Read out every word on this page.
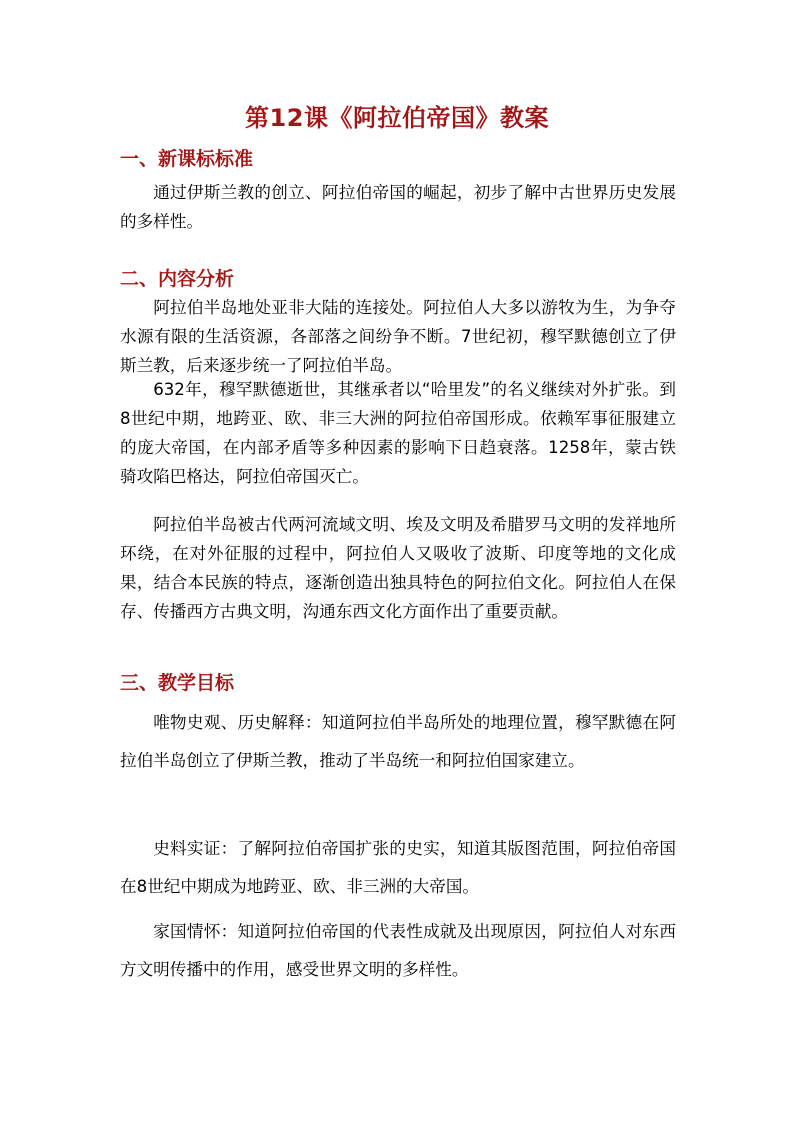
第12课《阿拉伯帝国》教案
一、新课标标准

通过伊斯兰教的创立、阿拉伯帝国的崛起，初步了解中古世界历史发展的多样性。

二、内容分析

阿拉伯半岛地处亚非大陆的连接处。阿拉伯人大多以游牧为生，为争夺水源有限的生活资源，各部落之间纷争不断。7世纪初，穆罕默德创立了伊斯兰教，后来逐步统一了阿拉伯半岛。

632年，穆罕默德逝世，其继承者以“哈里发”的名义继续对外扩张。到8世纪中期，地跨亚、欧、非三大洲的阿拉伯帝国形成。依赖军事征服建立的庞大帝国，在内部矛盾等多种因素的影响下日趋衰落。1258年，蒙古铁骑攻陷巴格达，阿拉伯帝国灭亡。

阿拉伯半岛被古代两河流域文明、埃及文明及希腊罗马文明的发祥地所环绕，在对外征服的过程中，阿拉伯人又吸收了波斯、印度等地的文化成果，结合本民族的特点，逐渐创造出独具特色的阿拉伯文化。阿拉伯人在保存、传播西方古典文明，沟通东西文化方面作出了重要贡献。

三、教学目标

唯物史观、历史解释：知道阿拉伯半岛所处的地理位置，穆罕默德在阿拉伯半岛创立了伊斯兰教，推动了半岛统一和阿拉伯国家建立。

史料实证：了解阿拉伯帝国扩张的史实，知道其版图范围，阿拉伯帝国在8世纪中期成为地跨亚、欧、非三洲的大帝国。

家国情怀：知道阿拉伯帝国的代表性成就及出现原因，阿拉伯人对东西方文明传播中的作用，感受世界文明的多样性。
